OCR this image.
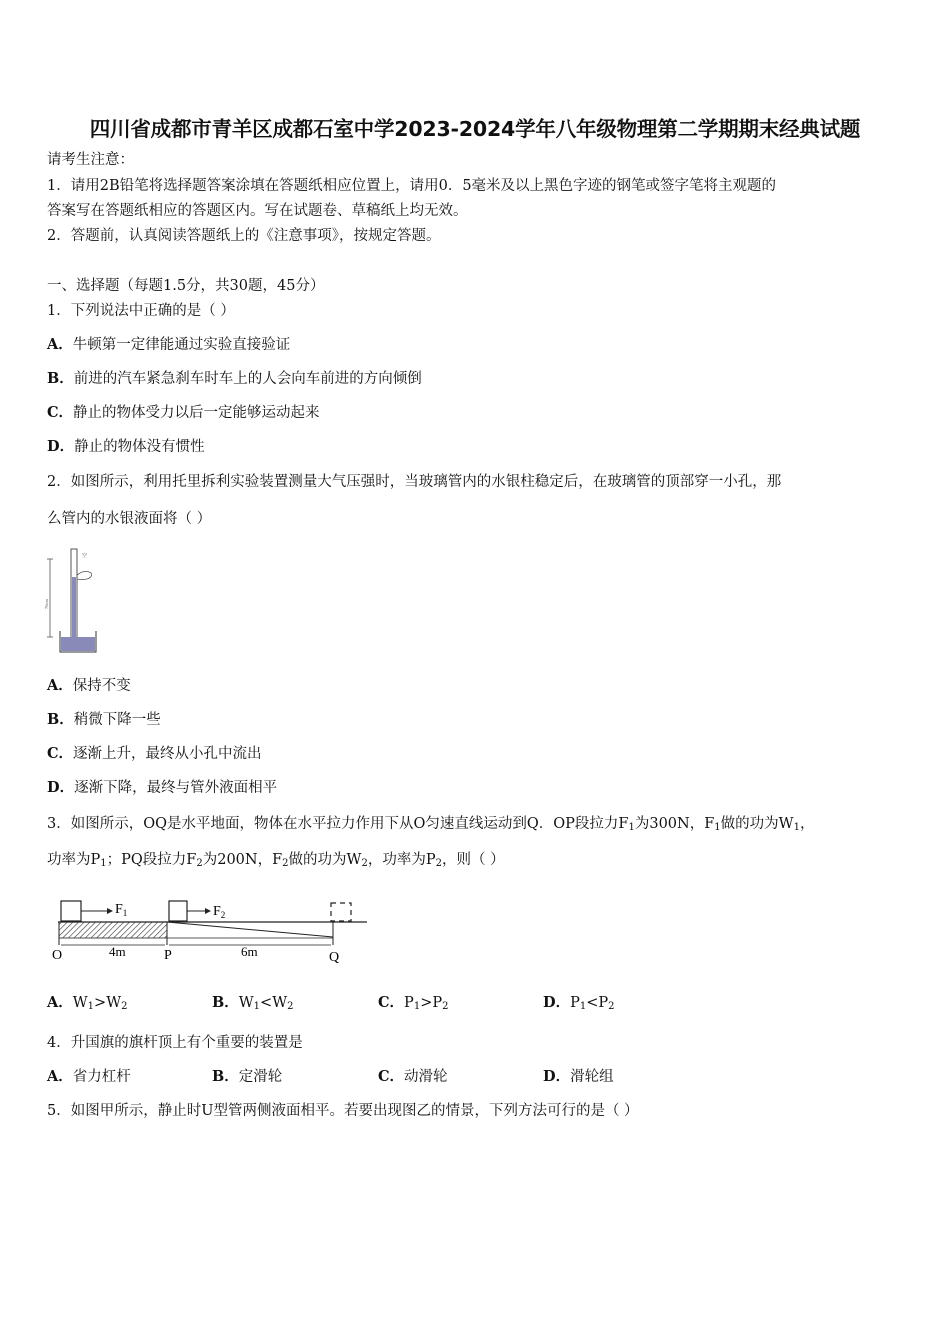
四川省成都市青羊区成都石室中学2023-2024学年八年级物理第二学期期末经典试题
请考生注意：
1．请用2B铅笔将选择题答案涂填在答题纸相应位置上，请用0．5毫米及以上黑色字迹的钢笔或签字笔将主观题的
答案写在答题纸相应的答题区内。写在试题卷、草稿纸上均无效。
2．答题前，认真阅读答题纸上的《注意事项》，按规定答题。
一、选择题（每题1.5分，共30题，45分）
1．下列说法中正确的是（ ）
A．牛顿第一定律能通过实验直接验证
B．前进的汽车紧急刹车时车上的人会向车前进的方向倾倒
C．静止的物体受力以后一定能够运动起来
D．静止的物体没有惯性
2．如图所示，利用托里拆利实验装置测量大气压强时，当玻璃管内的水银柱稳定后，在玻璃管的顶部穿一小孔，那
么管内的水银液面将（ ）
空
76cm
A．保持不变
B．稍微下降一些
C．逐渐上升，最终从小孔中流出
D．逐渐下降，最终与管外液面相平
3．如图所示，OQ是水平地面，物体在水平拉力作用下从O匀速直线运动到Q．OP段拉力$F_1$为300N，$F_1$做的功为$W_1$，
功率为$P_1$；PQ段拉力$F_2$为200N，$F_2$做的功为$W_2$，功率为$P_2$，则（ ）
$F_1$	$F_2$
4m	6m
O	P	Q
A．$W_1>W_2$	B．$W_1<W_2$	C．$P_1>P_2$	D．$P_1<P_2$
4．升国旗的旗杆顶上有个重要的装置是
A．省力杠杆	B．定滑轮	C．动滑轮	D．滑轮组
5．如图甲所示，静止时U型管两侧液面相平。若要出现图乙的情景，下列方法可行的是（ ）
